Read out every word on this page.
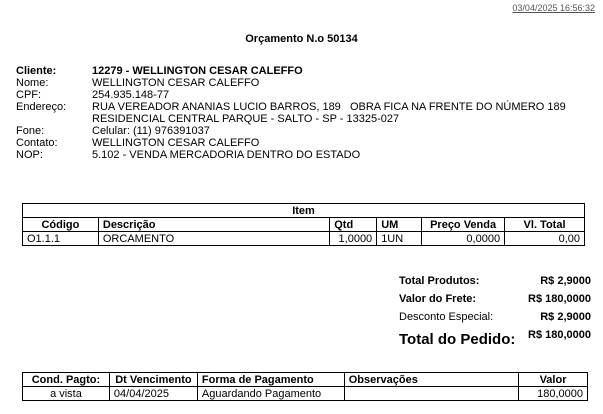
03/04/2025 16:56:32
Orçamento N.o 50134
Cliente:	12279 - WELLINGTON CESAR CALEFFO
Nome:	WELLINGTON CESAR CALEFFO
CPF:	254.935.148-77
Endereço:	RUA VEREADOR ANANIAS LUCIO BARROS, 189   OBRA FICA NA FRENTE DO NÚMERO 189
RESIDENCIAL CENTRAL PARQUE - SALTO - SP - 13325-027
Fone:	Celular: (11) 976391037
Contato:	WELLINGTON CESAR CALEFFO
NOP:	5.102 - VENDA MERCADORIA DENTRO DO ESTADO
Item					
Código	Descrição	Qtd	UM	Preço Venda	Vl. Total
O1.1.1	ORCAMENTO	1,0000	1UN	0,0000	0,00
Total Produtos:	R$ 2,9000
Valor do Frete:	R$ 180,0000
Desconto Especial:	R$ 2,9000
Total do Pedido: R$ 180,0000
Cond. Pagto:	Dt Vencimento	Forma de Pagamento	Observações	Valor
a vista	04/04/2025	Aguardando Pagamento		180,0000
